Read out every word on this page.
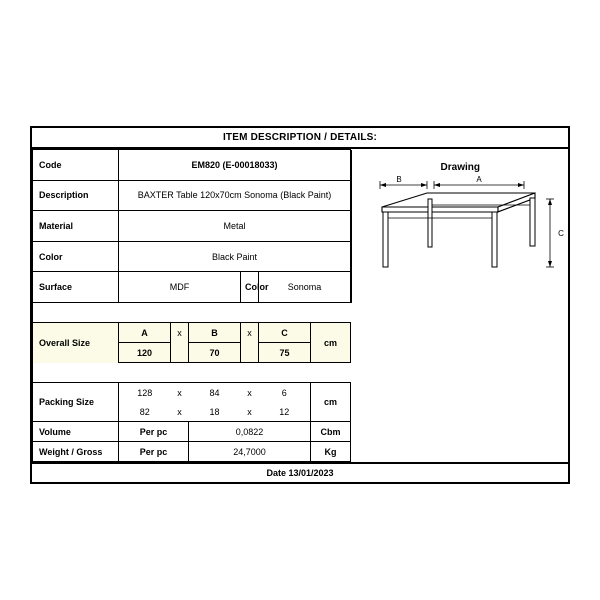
ITEM DESCRIPTION / DETAILS:
Code	EM820 (E-00018033)						Drawing
B A
C

Description	BAXTER Table 120x70cm Sonoma (Black Paint)						
Material	Metal						
Color	Black Paint						
Surface	MDF			Color	Sonoma		

Overall Size	A	x	B	x	C	cm		
	120		70		75		

Packing Size	128	x	84	x	6	cm		
	82	x	18	x	12		
Volume	Per pc		0,0822			Cbm		
Weight / Gross	Per pc		24,7000			Kg		
Date 13/01/2023
